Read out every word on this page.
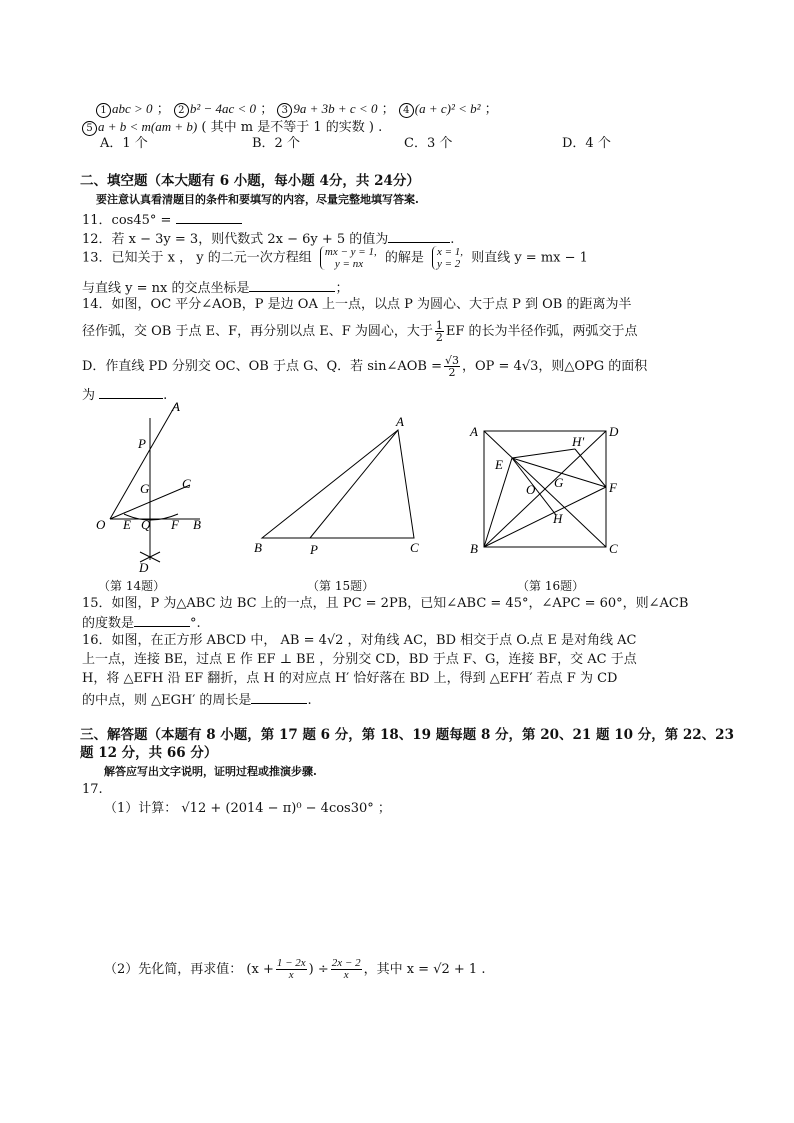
1 abc > 0 ； 2 b² − 4ac < 0 ； 3 9a + 3b + c < 0 ； 4 (a + c)² < b² ；
5 a + b < m(am + b) ( 其中 m 是不等于 1 的实数 ) .
A．1 个	B．2 个	C．3 个	D．4 个
二、填空题（本大题有 6 小题，每小题 4分，共 24分）
要注意认真看清题目的条件和要填写的内容，尽量完整地填写答案.
11．cos45° =
12．若 x − 3y = 3，则代数式 2x − 6y + 5 的值为	.
13．已知关于 x ， y 的二元一次方程组 mx − y = 1,
y = nx	的解是 x = 1,
y = 2 则直线 y = mx − 1
与直线 y = nx 的交点坐标是	；
14．如图，OC 平分∠AOB，P 是边 OA 上一点，以点 P 为圆心、大于点 P 到 OB 的距离为半
径作弧，交 OB 于点 E、F，再分别以点 E、F 为圆心，大于 $\frac{1}{2}$ EF 的长为半径作弧，两弧交于点
D．作直线 PD 分别交 OC、OB 于点 G、Q．若 sin∠AOB = $\frac{√3}{2}$ ，OP = 4√3，则△OPG 的面积
为	.
A
P
G	C
O E Q F B
D
（第 14题）
A
B	P	C
（第 15题）
A	D
H'
E
G	F
O
H
B	C
（第 16题）
15．如图，P 为△ABC 边 BC 上的一点，且 PC = 2PB，已知∠ABC = 45°，∠APC = 60°，则∠ACB
的度数是	°.
16．如图，在正方形 ABCD 中， AB = 4√2 ，对角线 AC，BD 相交于点 O.点 E 是对角线 AC
上一点，连接 BE，过点 E 作 EF ⊥ BE ，分别交 CD，BD 于点 F、G，连接 BF，交 AC 于点
H，将 △EFH 沿 EF 翻折，点 H 的对应点 H′ 恰好落在 BD 上，得到 △EFH′ 若点 F 为 CD
的中点，则 △EGH′ 的周长是	.
三、解答题（本题有 8 小题，第 17 题 6 分，第 18、19 题每题 8 分，第 20、21 题 10 分，第 22、23
题 12 分，共 66 分）
解答应写出文字说明，证明过程或推演步骤.
17.
（1）计算： √12 + (2014 − π)⁰ − 4cos30° ；
（2）先化简，再求值： ($x + \frac{1 - 2x}{x}$ ) ÷ $\frac{2x - 2}{x}$ ，其中 x = √2 + 1 .
